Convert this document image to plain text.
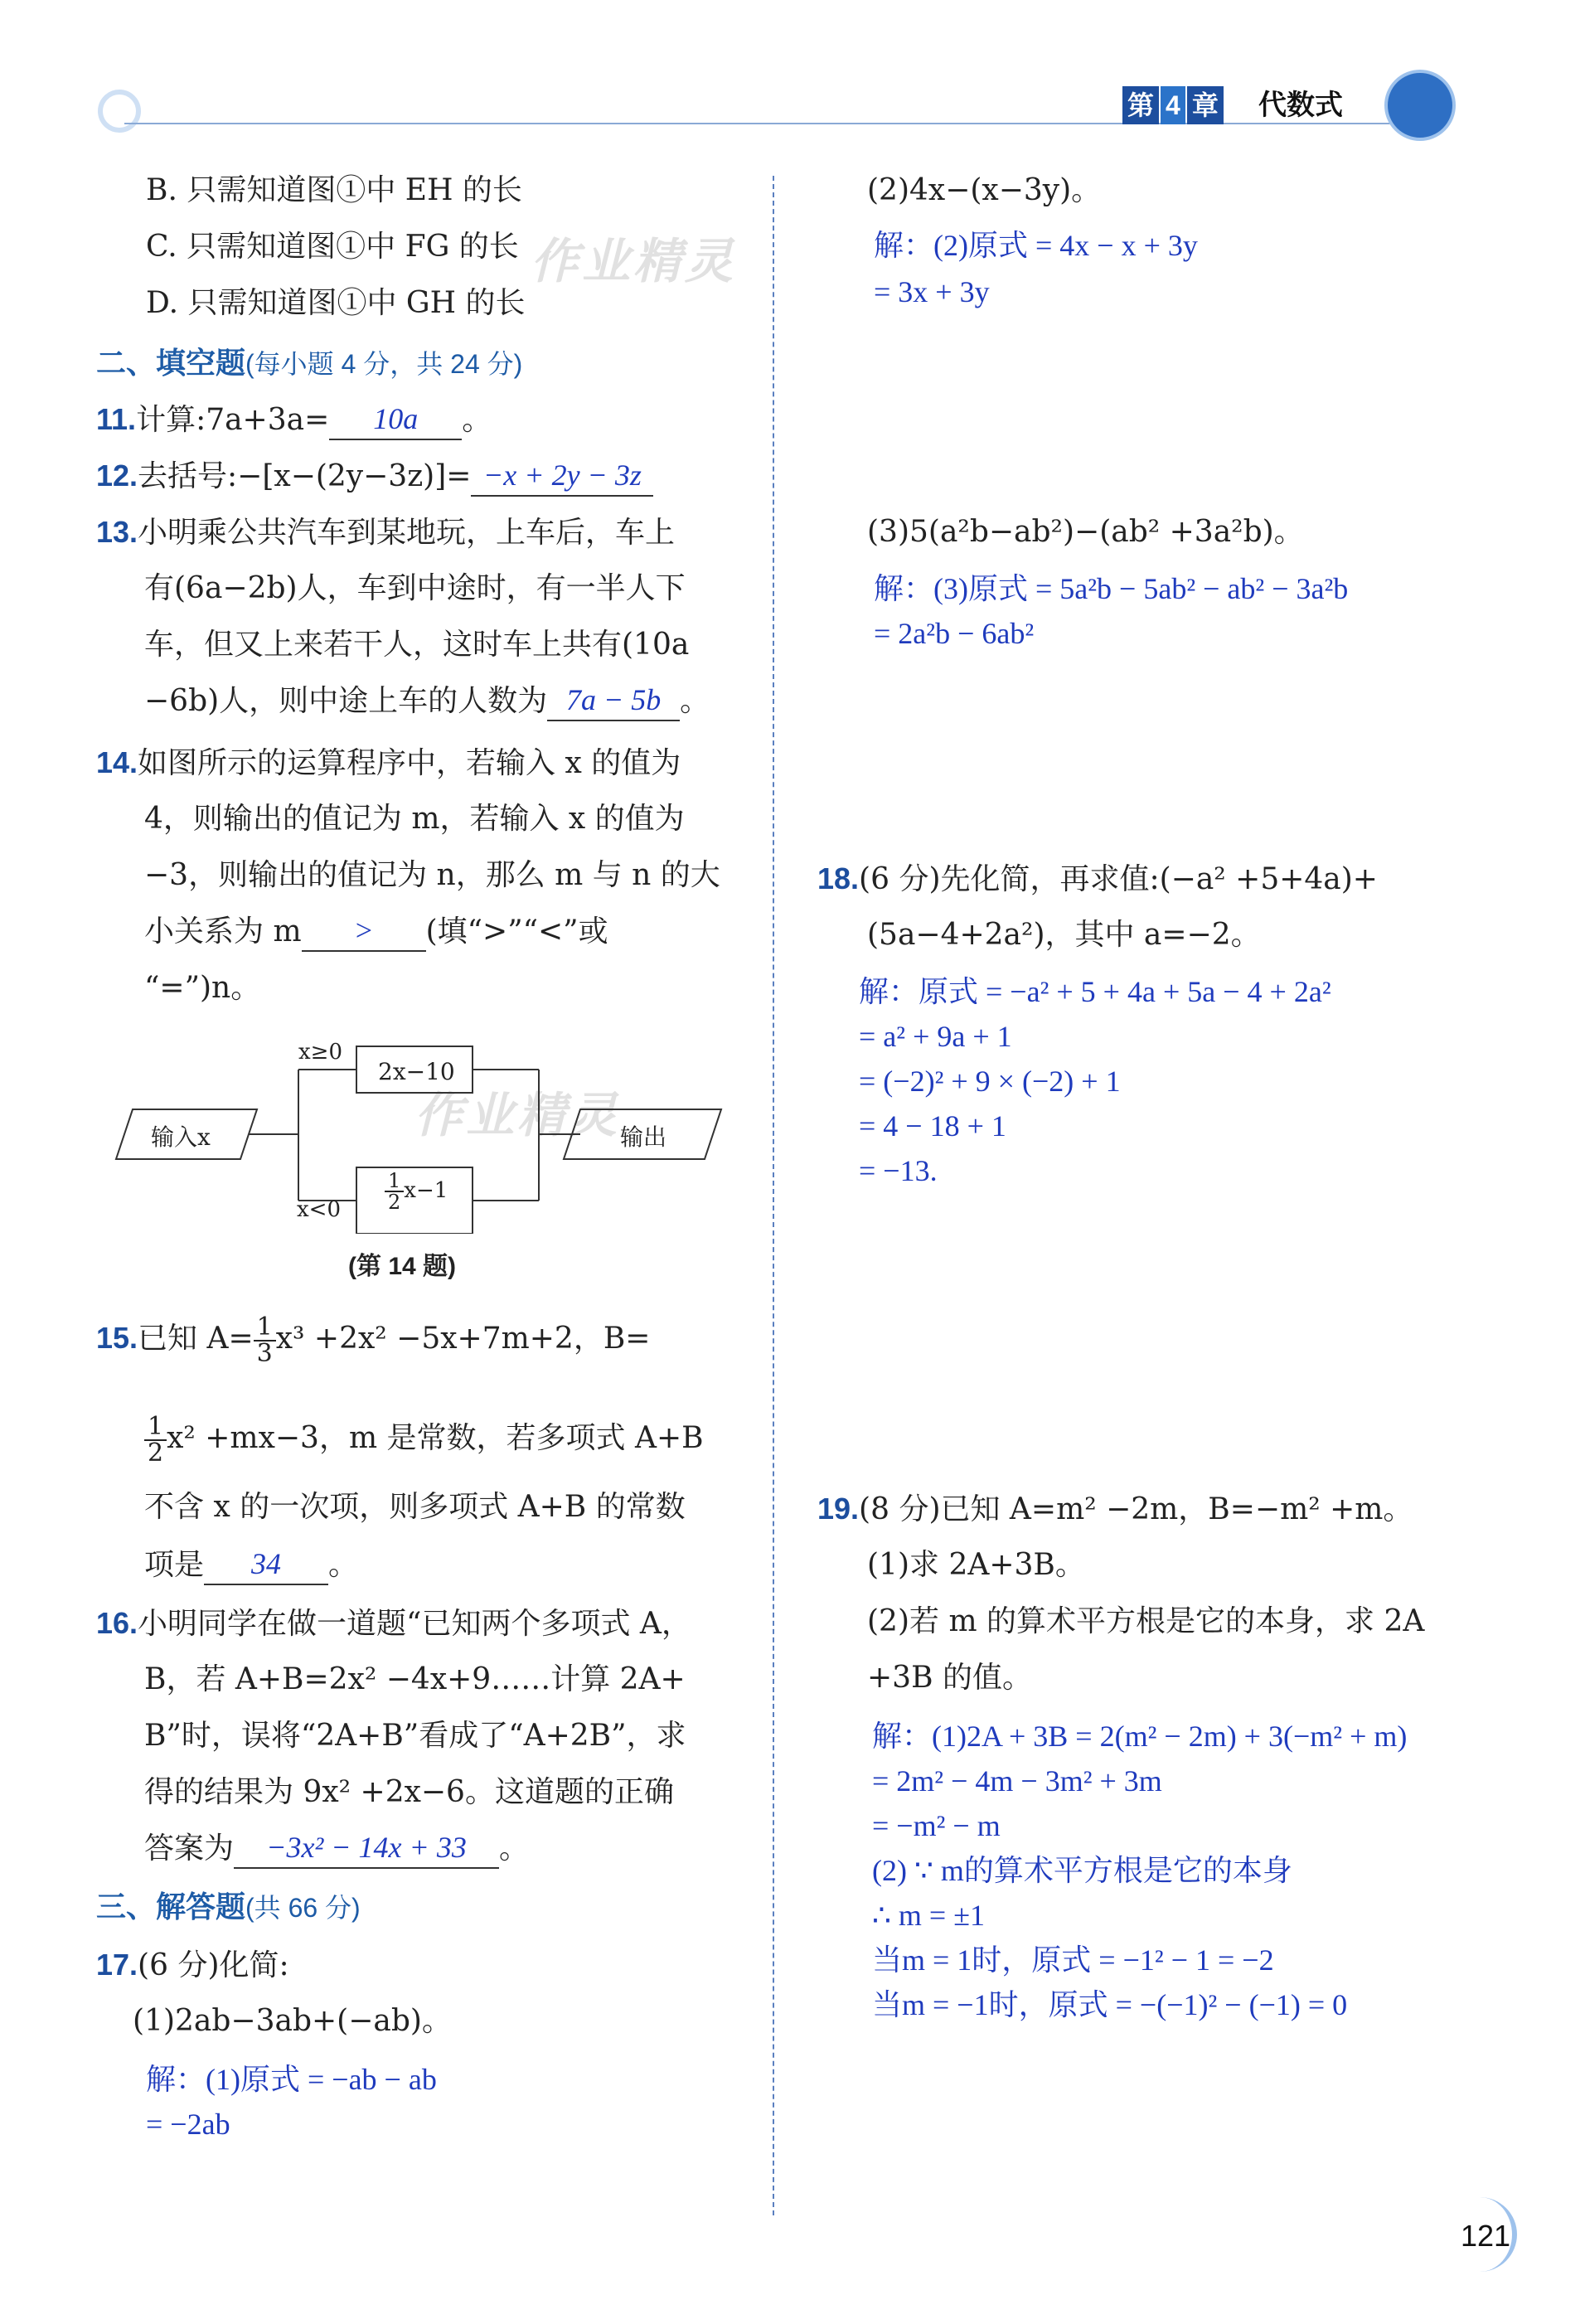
第 4 章 代数式
作业精灵
作业精灵
B. 只需知道图①中 EH 的长
C. 只需知道图①中 FG 的长
D. 只需知道图①中 GH 的长
二、填空题(每小题 4 分，共 24 分)
11.计算:7a+3a= 10a 。
12.去括号:−[x−(2y−3z)]= −x + 2y − 3z
13.小明乘公共汽车到某地玩，上车后，车上
有(6a−2b)人，车到中途时，有一半人下
车，但又上来若干人，这时车上共有(10a
−6b)人，则中途上车的人数为 7a − 5b 。
14.如图所示的运算程序中，若输入 x 的值为
4，则输出的值记为 m，若输入 x 的值为
−3，则输出的值记为 n，那么 m 与 n 的大
小关系为 m > (填“>”“<”或
“=”)n。
输入x	输出
x≥0
x<0
2x−10
$\frac{1}{2} x-1$
(第 14 题)
15.已知 $A= \frac{1}{3} x^3 +2x^2 -5x+7m+2$，B=
$\frac{1}{2} x^2 +mx-3$，m 是常数，若多项式 A+B
不含 x 的一次项，则多项式 A+B 的常数
项是 34 。
16.小明同学在做一道题“已知两个多项式 A，
B，若 A+B=2x² −4x+9……计算 2A+
B”时，误将“2A+B”看成了“A+2B”，求
得的结果为 9x² +2x−6。这道题的正确
答案为 −3x² − 14x + 33 。
三、解答题(共 66 分)
17.(6 分)化简:
(1)2ab−3ab+(−ab)。
解：(1)原式 = −ab − ab
= −2ab
(2)4x−(x−3y)。
解：(2)原式 = 4x − x + 3y
= 3x + 3y
(3)5(a²b−ab²)−(ab² +3a²b)。
解：(3)原式 = 5a²b − 5ab² − ab² − 3a²b
= 2a²b − 6ab²
18.(6 分)先化简，再求值:(−a² +5+4a)+
(5a−4+2a²)，其中 a=−2。
解：原式 = −a² + 5 + 4a + 5a − 4 + 2a²
= a² + 9a + 1
= (−2)² + 9 × (−2) + 1
= 4 − 18 + 1
= −13.
19.(8 分)已知 A=m² −2m，B=−m² +m。
(1)求 2A+3B。
(2)若 m 的算术平方根是它的本身，求 2A
+3B 的值。
解：(1)2A + 3B = 2(m² − 2m) + 3(−m² + m)
= 2m² − 4m − 3m² + 3m
= −m² − m
(2) ∵ m的算术平方根是它的本身
∴ m = ±1
当m = 1时，原式 = −1² − 1 = −2
当m = −1时，原式 = −(−1)² − (−1) = 0
121
